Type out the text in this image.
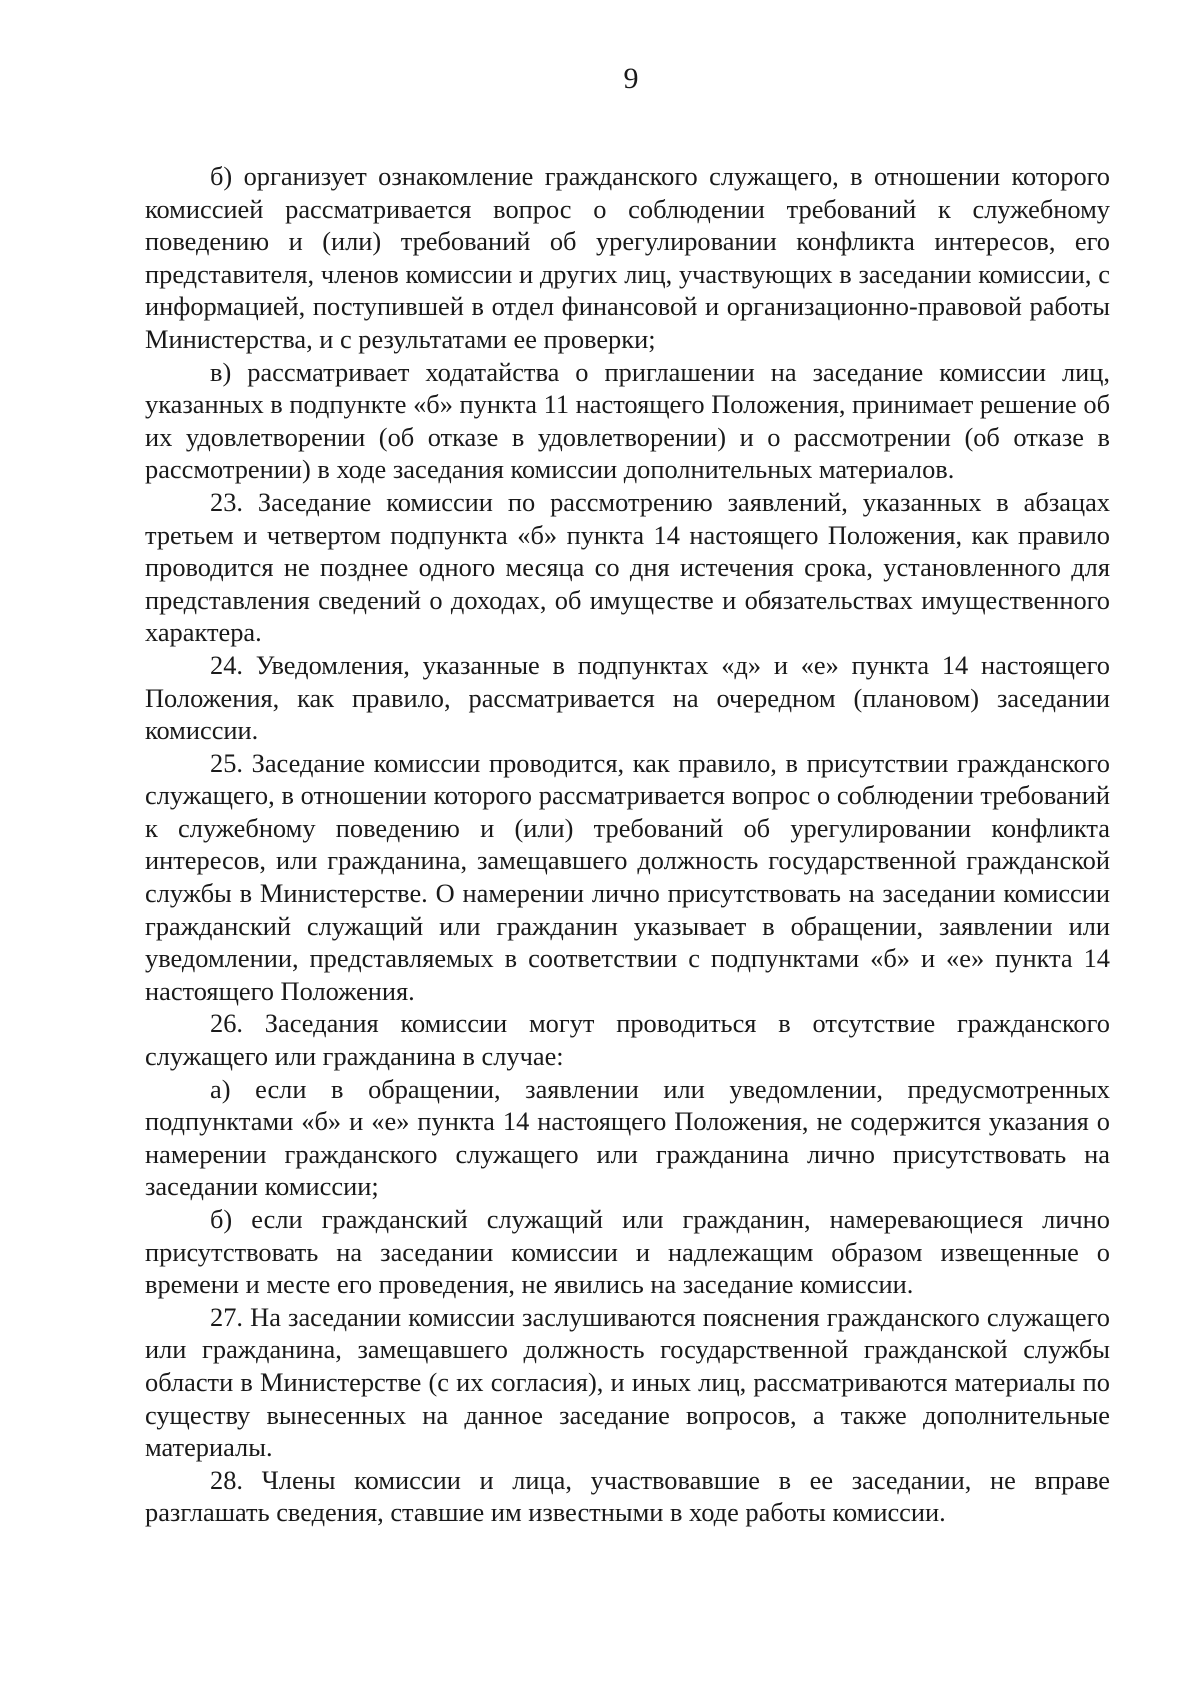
9

б) организует ознакомление гражданского служащего, в отношении которого комиссией рассматривается вопрос о соблюдении требований к служебному поведению и (или) требований об урегулировании конфликта интересов, его представителя, членов комиссии и других лиц, участвующих в заседании комиссии, с информацией, поступившей в отдел финансовой и организационно-правовой работы Министерства, и с результатами ее проверки;

в) рассматривает ходатайства о приглашении на заседание комиссии лиц, указанных в подпункте «б» пункта 11 настоящего Положения, принимает решение об их удовлетворении (об отказе в удовлетворении) и о рассмотрении (об отказе в рассмотрении) в ходе заседания комиссии дополнительных материалов.

23. Заседание комиссии по рассмотрению заявлений, указанных в абзацах третьем и четвертом подпункта «б» пункта 14 настоящего Положения, как правило проводится не позднее одного месяца со дня истечения срока, установленного для представления сведений о доходах, об имуществе и обязательствах имущественного характера.

24. Уведомления, указанные в подпунктах «д» и «е» пункта 14 настоящего Положения, как правило, рассматривается на очередном (плановом) заседании комиссии.

25. Заседание комиссии проводится, как правило, в присутствии гражданского служащего, в отношении которого рассматривается вопрос о соблюдении требований к служебному поведению и (или) требований об урегулировании конфликта интересов, или гражданина, замещавшего должность государственной гражданской службы в Министерстве. О намерении лично присутствовать на заседании комиссии гражданский служащий или гражданин указывает в обращении, заявлении или уведомлении, представляемых в соответствии с подпунктами «б» и «е» пункта 14 настоящего Положения.

26. Заседания комиссии могут проводиться в отсутствие гражданского служащего или гражданина в случае:

а) если в обращении, заявлении или уведомлении, предусмотренных подпунктами «б» и «е» пункта 14 настоящего Положения, не содержится указания о намерении гражданского служащего или гражданина лично присутствовать на заседании комиссии;

б) если гражданский служащий или гражданин, намеревающиеся лично присутствовать на заседании комиссии и надлежащим образом извещенные о времени и месте его проведения, не явились на заседание комиссии.

27. На заседании комиссии заслушиваются пояснения гражданского служащего или гражданина, замещавшего должность государственной гражданской службы области в Министерстве (с их согласия), и иных лиц, рассматриваются материалы по существу вынесенных на данное заседание вопросов, а также дополнительные материалы.

28. Члены комиссии и лица, участвовавшие в ее заседании, не вправе разглашать сведения, ставшие им известными в ходе работы комиссии.
